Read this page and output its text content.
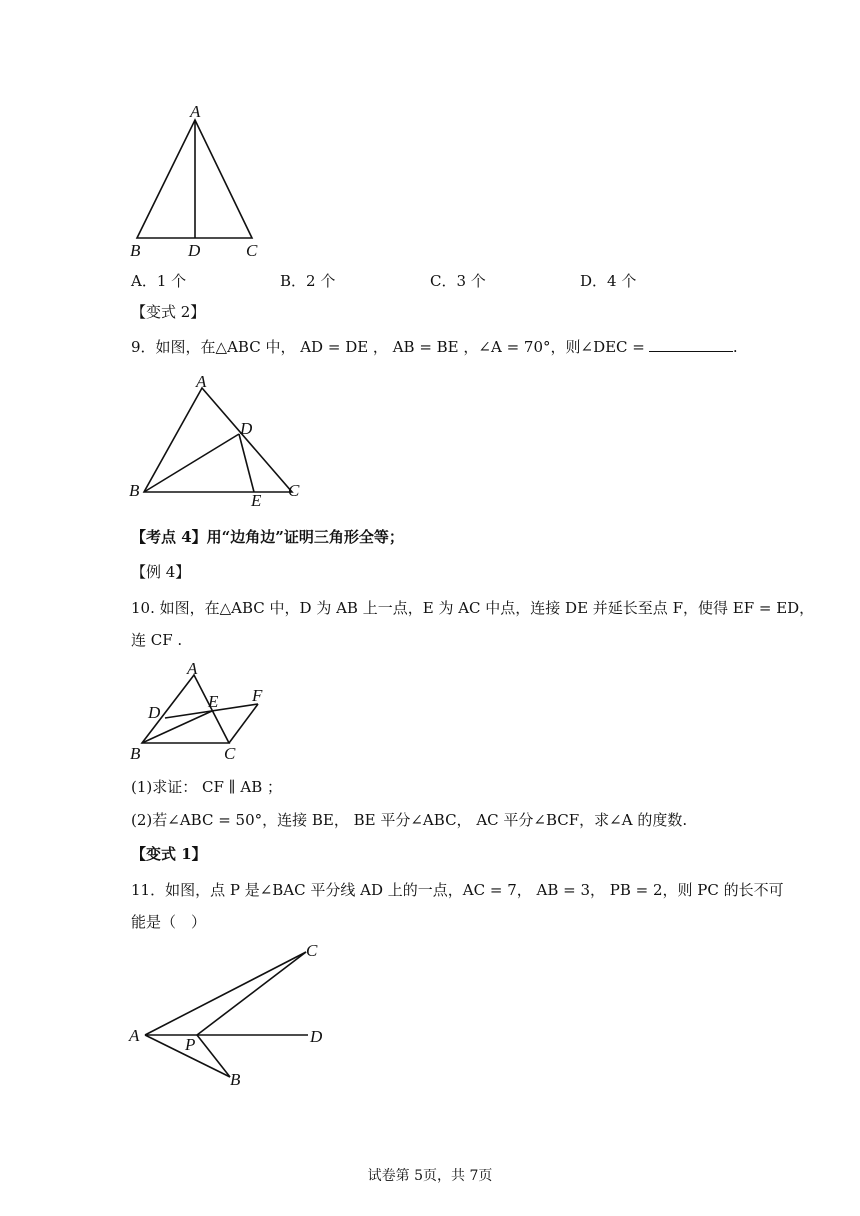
A
B	D	C
A．1 个	B．2 个	C．3 个	D．4 个
【变式 2】
9．如图，在△ABC 中， AD = DE ， AB = BE ，∠A = 70°，则∠DEC =	.
A
D
B
E
C
【考点 4】用“边角边”证明三角形全等；
【例 4】
10. 如图，在△ABC 中，D 为 AB 上一点，E 为 AC 中点，连接 DE 并延长至点 F，使得 EF = ED，
连 CF .
A
F
D
E
B	C
(1)求证： CF ∥ AB ；
(2)若∠ABC = 50°，连接 BE， BE 平分∠ABC， AC 平分∠BCF，求∠A 的度数.
【变式 1】
11．如图，点 P 是∠BAC 平分线 AD 上的一点，AC = 7， AB = 3， PB = 2，则 PC 的长不可
能是（　）
C
A	P	D
B
试卷第 5页，共 7页
